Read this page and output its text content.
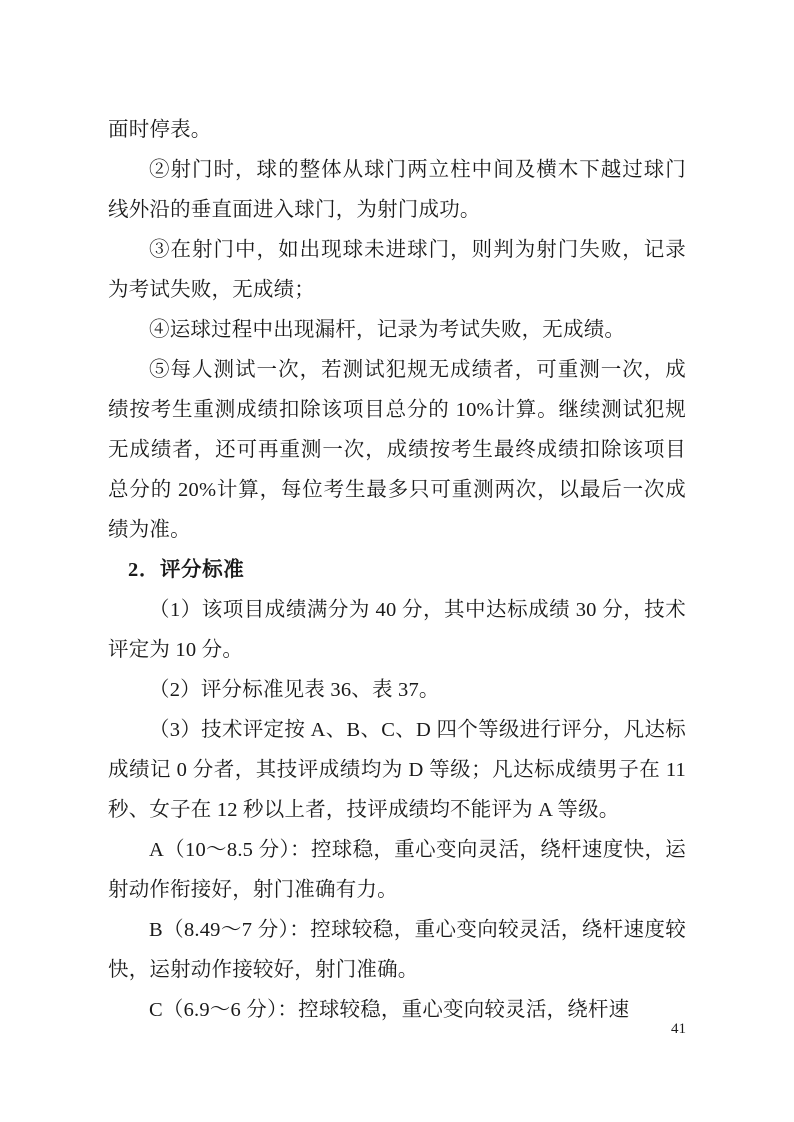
面时停表。

②射门时，球的整体从球门两立柱中间及横木下越过球门线外沿的垂直面进入球门，为射门成功。

③在射门中，如出现球未进球门，则判为射门失败，记录为考试失败，无成绩；

④运球过程中出现漏杆，记录为考试失败，无成绩。

⑤每人测试一次，若测试犯规无成绩者，可重测一次，成绩按考生重测成绩扣除该项目总分的 10%计算。继续测试犯规无成绩者，还可再重测一次，成绩按考生最终成绩扣除该项目总分的 20%计算，每位考生最多只可重测两次，以最后一次成绩为准。

2．评分标准

（1）该项目成绩满分为 40 分，其中达标成绩 30 分，技术评定为 10 分。

（2）评分标准见表 36、表 37。

（3）技术评定按 A、B、C、D 四个等级进行评分，凡达标成绩记 0 分者，其技评成绩均为 D 等级；凡达标成绩男子在 11 秒、女子在 12 秒以上者，技评成绩均不能评为 A 等级。

A（10～8.5 分）：控球稳，重心变向灵活，绕杆速度快，运射动作衔接好，射门准确有力。

B（8.49～7 分）：控球较稳，重心变向较灵活，绕杆速度较快，运射动作接较好，射门准确。

C（6.9～6 分）：控球较稳，重心变向较灵活，绕杆速

41
